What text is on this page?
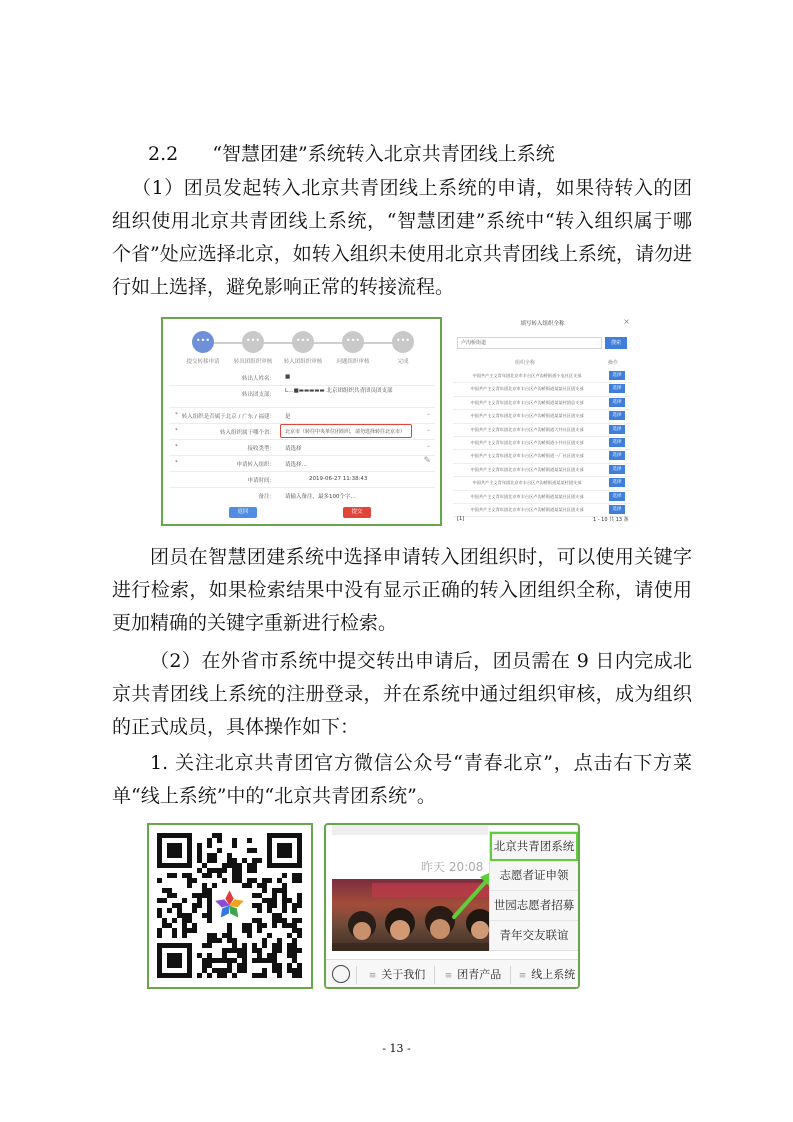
2.2 “智慧团建”系统转入北京共青团线上系统

（1）团员发起转入北京共青团线上系统的申请，如果待转入的团组织使用北京共青团线上系统，“智慧团建”系统中“转入组织属于哪个省”处应选择北京，如转入组织未使用北京共青团线上系统，请勿进行如上选择，避免影响正常的转接流程。

•••
提交转移申请
•••
转出团组织审核
•••
转入团组织审核
•••
问题组织审核
•••
完成
转出人姓名： ■
转出团支部：
L…■▬▬▬▬▬ 北京团组织共青团员团支部
* 转入组织是否属于北京 / 广东 / 福建： 是	⌄
*	转入组织属于哪个省： 北京市（转往中央单位团组织，请勿选择转往北京市）	⌄
*	接收类型： 请选择	⌄
*	申请转入组织： 请选择…	✎
申请时间：	2019-06-27 11:38:43
备注： 请输入备注，最多100个字…
返回	提交
填写转入组织全称	×
卢沟桥街道	搜索
组织全称	操作
中国共产主义青年团北京市丰台区卢沟桥街道小屯社区支部	选择
中国共产主义青年团北京市丰台区卢沟桥街道某某社区团支部	选择
中国共产主义青年团北京市丰台区卢沟桥街道某某村团总支部	选择
中国共产主义青年团北京市丰台区卢沟桥街道某某社区团支部	选择
中国共产主义青年团北京市丰台区卢沟桥街道大井社区团支部	选择
中国共产主义青年团北京市丰台区卢沟桥街道小井社区团支部	选择
中国共产主义青年团北京市丰台区卢沟桥街道一厂社区团支部	选择
中国共产主义青年团北京市丰台区卢沟桥街道某某社区团支部	选择
中国共产主义青年团北京市丰台区卢沟桥街道某某村团支部	选择
中国共产主义青年团北京市丰台区卢沟桥街道某某社区团支部	选择
中国共产主义青年团北京市丰台区卢沟桥街道某某社区团支部	选择
[1]	1 - 10 共 13 条

团员在智慧团建系统中选择申请转入团组织时，可以使用关键字进行检索，如果检索结果中没有显示正确的转入团组织全称，请使用更加精确的关键字重新进行检索。

（2）在外省市系统中提交转出申请后，团员需在 9 日内完成北京共青团线上系统的注册登录，并在系统中通过组织审核，成为组织的正式成员，具体操作如下：

1. 关注北京共青团官方微信公众号“青春北京”，点击右下方菜单“线上系统”中的“北京共青团系统”。

昨天 20:08
北京共青团系统
志愿者证申领
世园志愿者招募
青年交友联谊
≡ 关于我们	≡ 团青产品	≡ 线上系统
- 13 -
